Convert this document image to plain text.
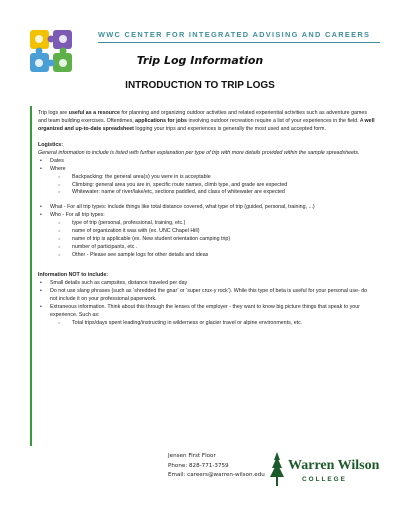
WWC CENTER FOR INTEGRATED ADVISING AND CAREERS
Trip Log Information
INTRODUCTION TO TRIP LOGS

Trip logs are useful as a resource for planning and organizing outdoor activities and related experiential activities such as adventure games and team building exercises. Oftentimes, applications for jobs involving outdoor recreation require a list of your experiences in the field. A well organized and up-to-date spreadsheet logging your trips and experiences is generally the most used and accepted form.

Logistics:

General information to include is listed with further explanation per type of trip with more details provided within the sample spreadsheets.

• Dates
• Where
○ Backpacking: the general area(s) you were in is acceptable
○ Climbing: general area you are in, specific route names, climb type, and grade are expected
○ Whitewater: name of river/lake/etc, sections paddled, and class of whitewater are expected
• What - For all trip types: include things like total distance covered, what type of trip (guided, personal, training, ...)
• Who - For all trip types:
○ type of trip (personal, professional, training, etc.)
○ name of organization it was with (ex. UNC Chapel Hill)
○ name of trip is applicable (ex. New student orientation camping trip)
○ number of participants, etc .
○ Other - Please see sample logs for other details and ideas

Information NOT to include:

• Small details such as campsites, distance traveled per day
• Do not use slang phrases (such as ‘shredded the gnar’ or ‘super crux-y rock’). While this type of beta is useful for your personal use- do not include it on your professional paperwork.
• Extraneous information. Think about this through the lenses of the employer - they want to know big picture things that speak to your experience. Such as:
○ Total trips/days spent leading/instructing in wilderness or glacier travel or alpine environments, etc.
Jensen First Floor
Phone: 828-771-3759
Email: careers@warren-wilson.edu
Warren Wilson
COLLEGE
